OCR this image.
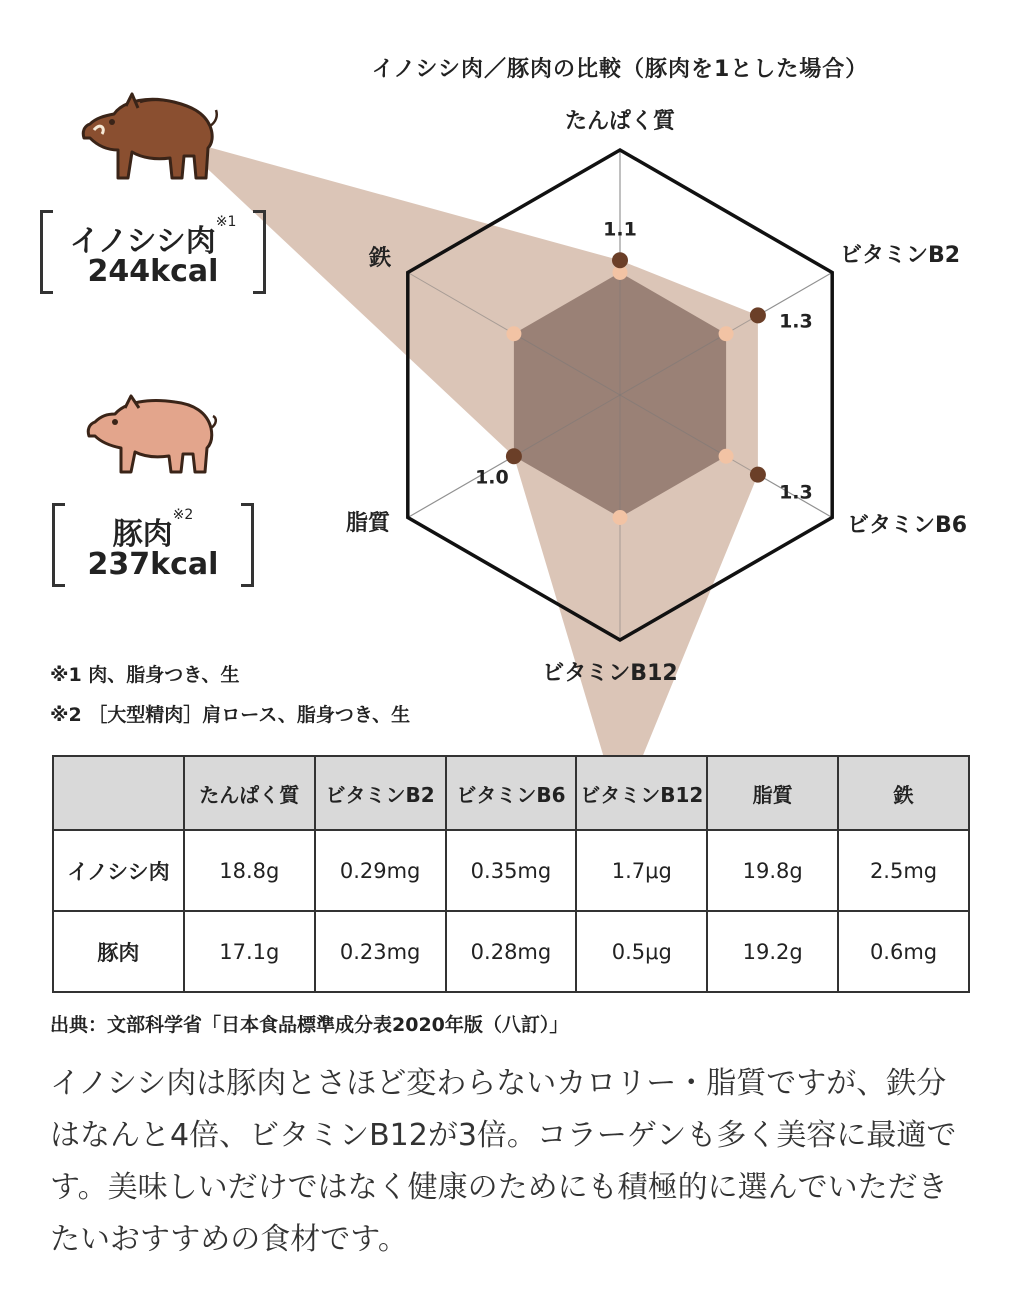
1.1
1.3
1.3
1.0
たんぱく質
ビタミンB2
ビタミンB6
ビタミンB12
脂質
鉄
イノシシ肉／豚肉の比較（豚肉を1とした場合）
イノシシ肉$^{※1}$
244kcal
豚肉$^{※2}$
237kcal
※1 肉、脂身つき、生
※2 ［大型精肉］肩ロース、脂身つき、生
	たんぱく質	ビタミンB2	ビタミンB6	ビタミンB12	脂質	鉄
イノシシ肉	18.8g	0.29mg	0.35mg	1.7μg	19.8g	2.5mg
豚肉	17.1g	0.23mg	0.28mg	0.5μg	19.2g	0.6mg
出典：文部科学省「日本食品標準成分表2020年版（八訂）」
イノシシ肉は豚肉とさほど変わらないカロリー・脂質ですが、鉄分はなんと4倍、ビタミンB12が3倍。コラーゲンも多く美容に最適です。美味しいだけではなく健康のためにも積極的に選んでいただきたいおすすめの食材です。
